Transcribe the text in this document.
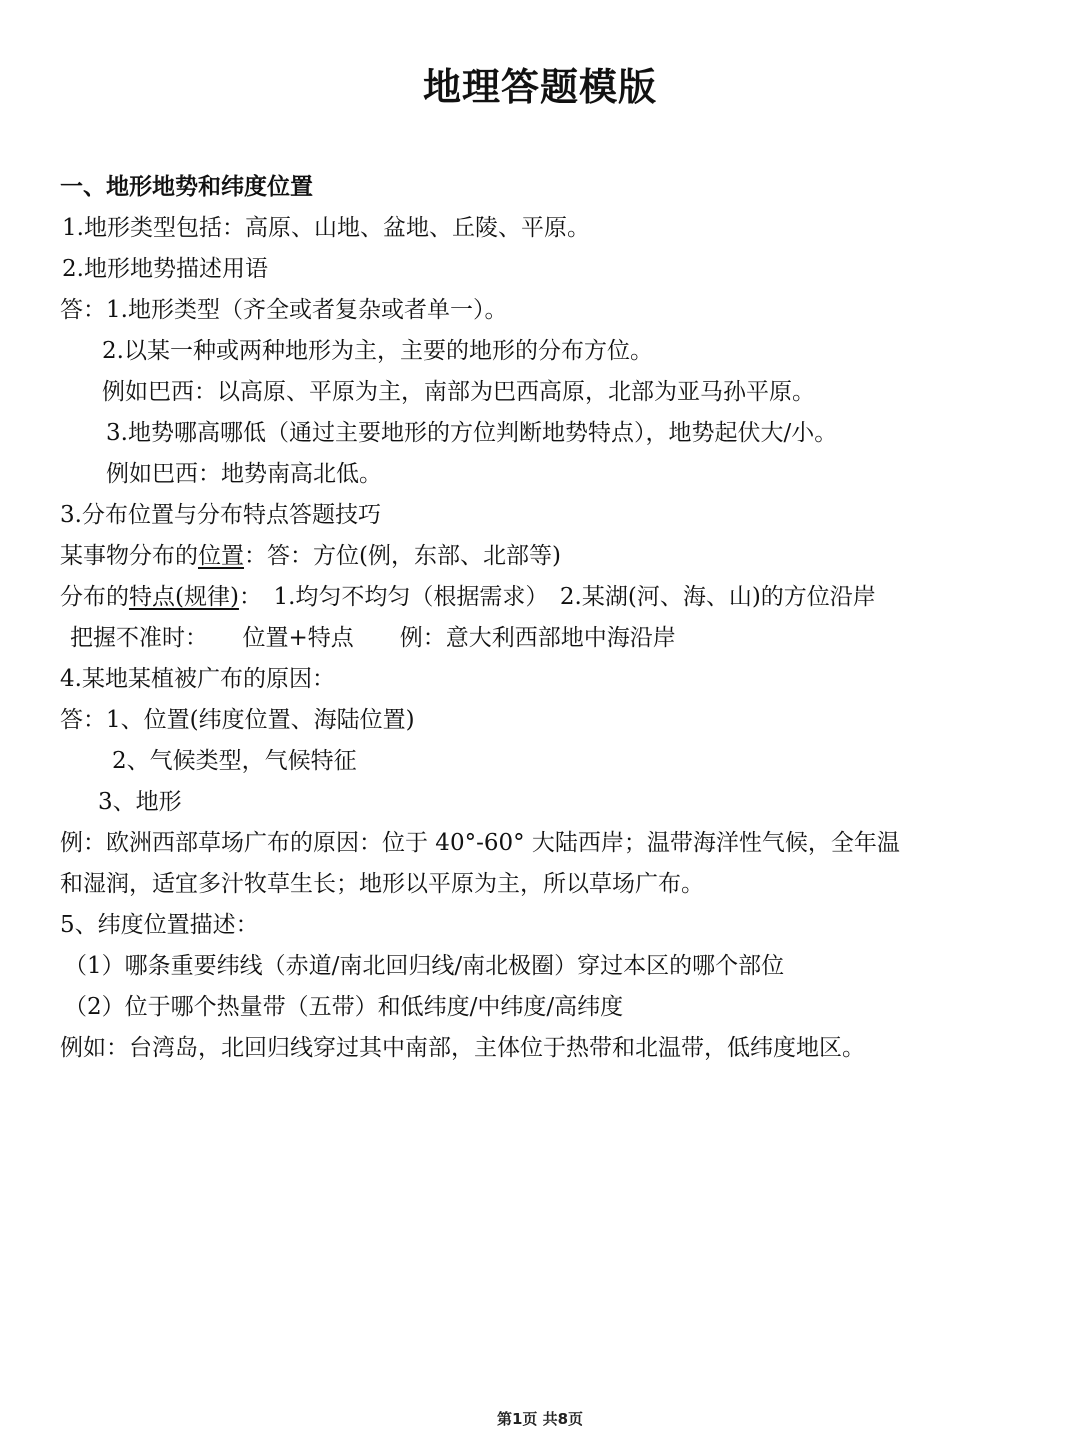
地理答题模版
一、地形地势和纬度位置
1.地形类型包括：高原、山地、盆地、丘陵、平原。
2.地形地势描述用语
答：1.地形类型（齐全或者复杂或者单一）。
2.以某一种或两种地形为主，主要的地形的分布方位。
例如巴西：以高原、平原为主，南部为巴西高原，北部为亚马孙平原。
3.地势哪高哪低（通过主要地形的方位判断地势特点），地势起伏大/小。
例如巴西：地势南高北低。
3.分布位置与分布特点答题技巧
某事物分布的位置：答：方位(例，东部、北部等)
分布的特点(规律)：　1.均匀不均匀（根据需求）　2.某湖(河、海、山)的方位沿岸
把握不准时：　　位置+特点　　例：意大利西部地中海沿岸
4.某地某植被广布的原因：
答：1、位置(纬度位置、海陆位置)
2、气候类型，气候特征
3、地形
例：欧洲西部草场广布的原因：位于 40°-60° 大陆西岸；温带海洋性气候，全年温
和湿润，适宜多汁牧草生长；地形以平原为主，所以草场广布。
5、纬度位置描述：
（1）哪条重要纬线（赤道/南北回归线/南北极圈）穿过本区的哪个部位
（2）位于哪个热量带（五带）和低纬度/中纬度/高纬度
例如：台湾岛，北回归线穿过其中南部，主体位于热带和北温带，低纬度地区。
第1页 共8页
